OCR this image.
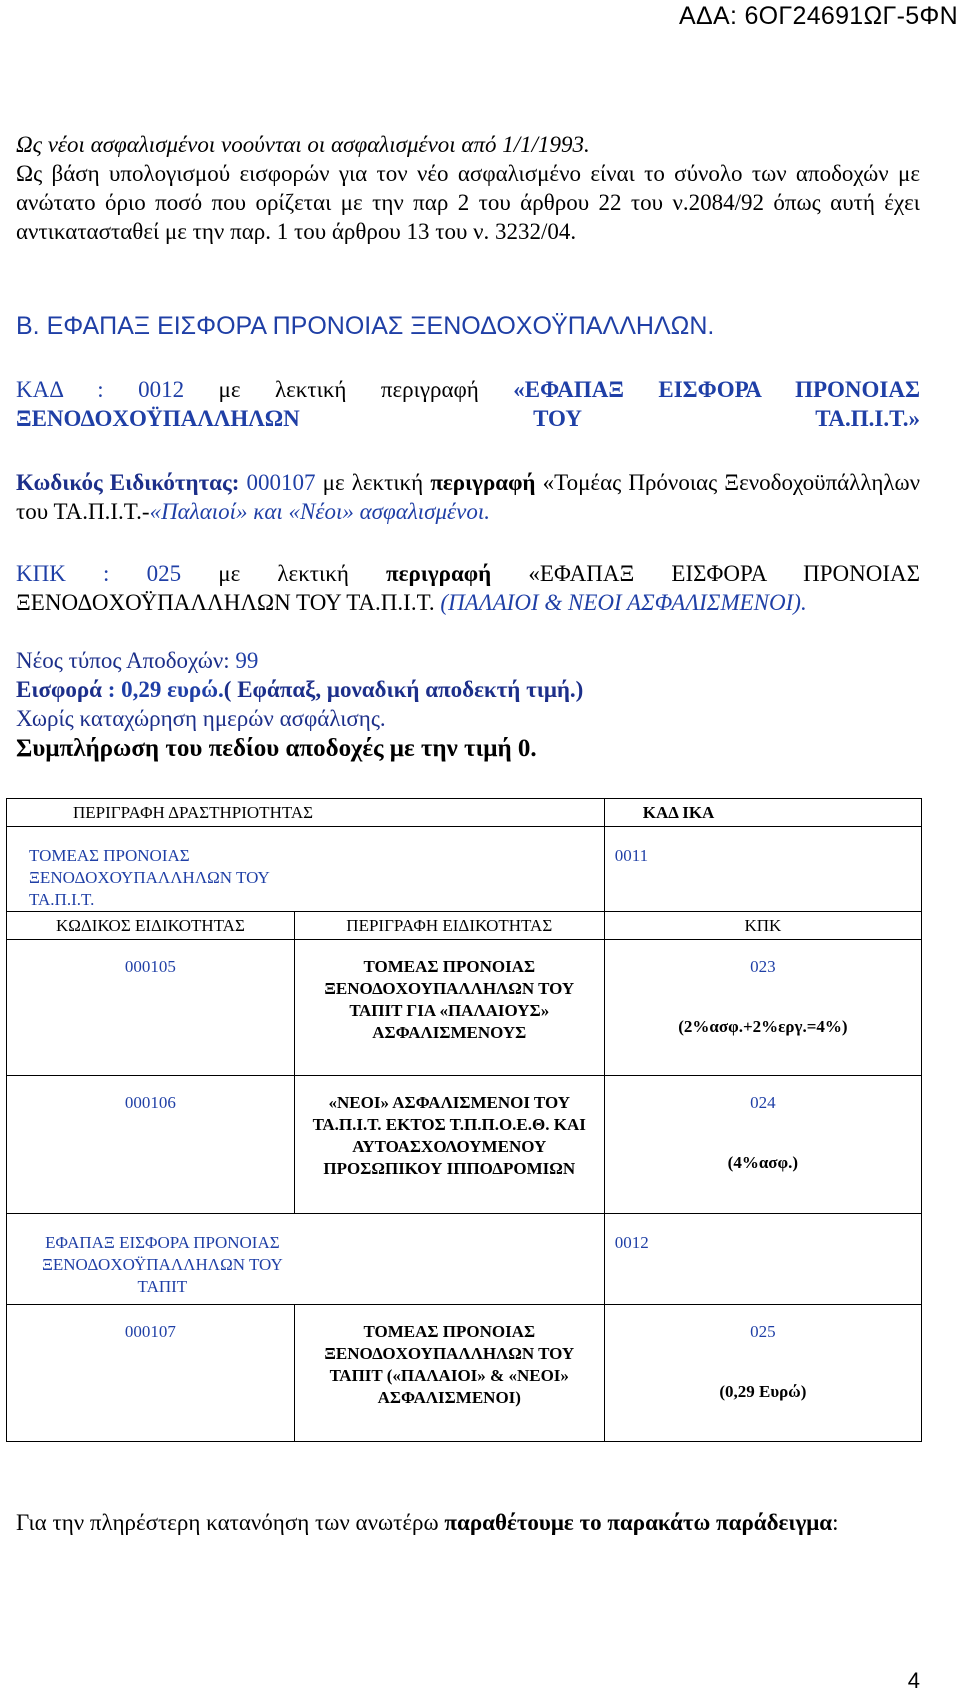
ΑΔΑ: 6ΟΓ24691ΩΓ-5ΦΝ
Ως νέοι ασφαλισμένοι νοούνται οι ασφαλισμένοι από 1/1/1993.
Ως βάση υπολογισμού εισφορών για τον νέο ασφαλισμένο είναι το σύνολο των αποδοχών με ανώτατο όριο ποσό που ορίζεται με την παρ 2 του άρθρου 22 του ν.2084/92 όπως αυτή έχει αντικατασταθεί με την παρ. 1 του άρθρου 13 του ν. 3232/04.
Β. ΕΦΑΠΑΞ ΕΙΣΦΟΡΑ ΠΡΟΝΟΙΑΣ ΞΕΝΟΔΟΧΟΫΠΑΛΛΗΛΩΝ.
ΚΑΔ : 0012 με λεκτική περιγραφή «ΕΦΑΠΑΞ ΕΙΣΦΟΡΑ ΠΡΟΝΟΙΑΣ ΞΕΝΟΔΟΧΟΫΠΑΛΛΗΛΩΝ ΤΟΥ ΤΑ.Π.Ι.Τ.»
Κωδικός Ειδικότητας: 000107 με λεκτική περιγραφή «Τομέας Πρόνοιας Ξενοδοχοϋπάλληλων του ΤΑ.Π.Ι.Τ.-«Παλαιοί» και «Νέοι» ασφαλισμένοι.
ΚΠΚ : 025 με λεκτική περιγραφή «ΕΦΑΠΑΞ ΕΙΣΦΟΡΑ ΠΡΟΝΟΙΑΣ ΞΕΝΟΔΟΧΟΫΠΑΛΛΗΛΩΝ ΤΟΥ ΤΑ.Π.Ι.Τ. (ΠΑΛΑΙΟΙ & ΝΕΟΙ ΑΣΦΑΛΙΣΜΕΝΟΙ).
Νέος τύπος Αποδοχών: 99
Εισφορά : 0,29 ευρώ.( Εφάπαξ, μοναδική αποδεκτή τιμή.)
Χωρίς καταχώρηση ημερών ασφάλισης.
Συμπλήρωση του πεδίου αποδοχές με την τιμή 0.
ΠΕΡΙΓΡΑΦΗ ΔΡΑΣΤΗΡΙΟΤΗΤΑΣ		ΚΑΔ ΙΚΑ

ΤΟΜΕΑΣ ΠΡΟΝΟΙΑΣ ΞΕΝΟΔΟΧΟΥΠΑΛΛΗΛΩΝ ΤΟΥ ΤΑ.Π.Ι.Τ.		0011

ΚΩΔΙΚΟΣ ΕΙΔΙΚΟΤΗΤΑΣ	ΠΕΡΙΓΡΑΦΗ ΕΙΔΙΚΟΤΗΤΑΣ	ΚΠΚ

000105	ΤΟΜΕΑΣ ΠΡΟΝΟΙΑΣ ΞΕΝΟΔΟΧΟΥΠΑΛΛΗΛΩΝ ΤΟΥ ΤΑΠΙΤ ΓΙΑ «ΠΑΛΑΙΟΥΣ» ΑΣΦΑΛΙΣΜΕΝΟΥΣ	023
(2%ασφ.+2%εργ.=4%)

000106	«ΝΕΟΙ» ΑΣΦΑΛΙΣΜΕΝΟΙ ΤΟΥ ΤΑ.Π.Ι.Τ. ΕΚΤΟΣ Τ.Π.Π.Ο.Ε.Θ. ΚΑΙ ΑΥΤΟΑΣΧΟΛΟΥΜΕΝΟΥ ΠΡΟΣΩΠΙΚΟΥ ΙΠΠΟΔΡΟΜΙΩΝ	024
(4%ασφ.)

ΕΦΑΠΑΞ ΕΙΣΦΟΡΑ ΠΡΟΝΟΙΑΣ ΞΕΝΟΔΟΧΟΫΠΑΛΛΗΛΩΝ ΤΟΥ ΤΑΠΙΤ		0012

000107	ΤΟΜΕΑΣ ΠΡΟΝΟΙΑΣ ΞΕΝΟΔΟΧΟΥΠΑΛΛΗΛΩΝ ΤΟΥ ΤΑΠΙΤ («ΠΑΛΑΙΟΙ» & «ΝΕΟΙ» ΑΣΦΑΛΙΣΜΕΝΟΙ)	025
(0,29 Ευρώ)
Για την πληρέστερη κατανόηση των ανωτέρω παραθέτουμε το παρακάτω παράδειγμα:
4
